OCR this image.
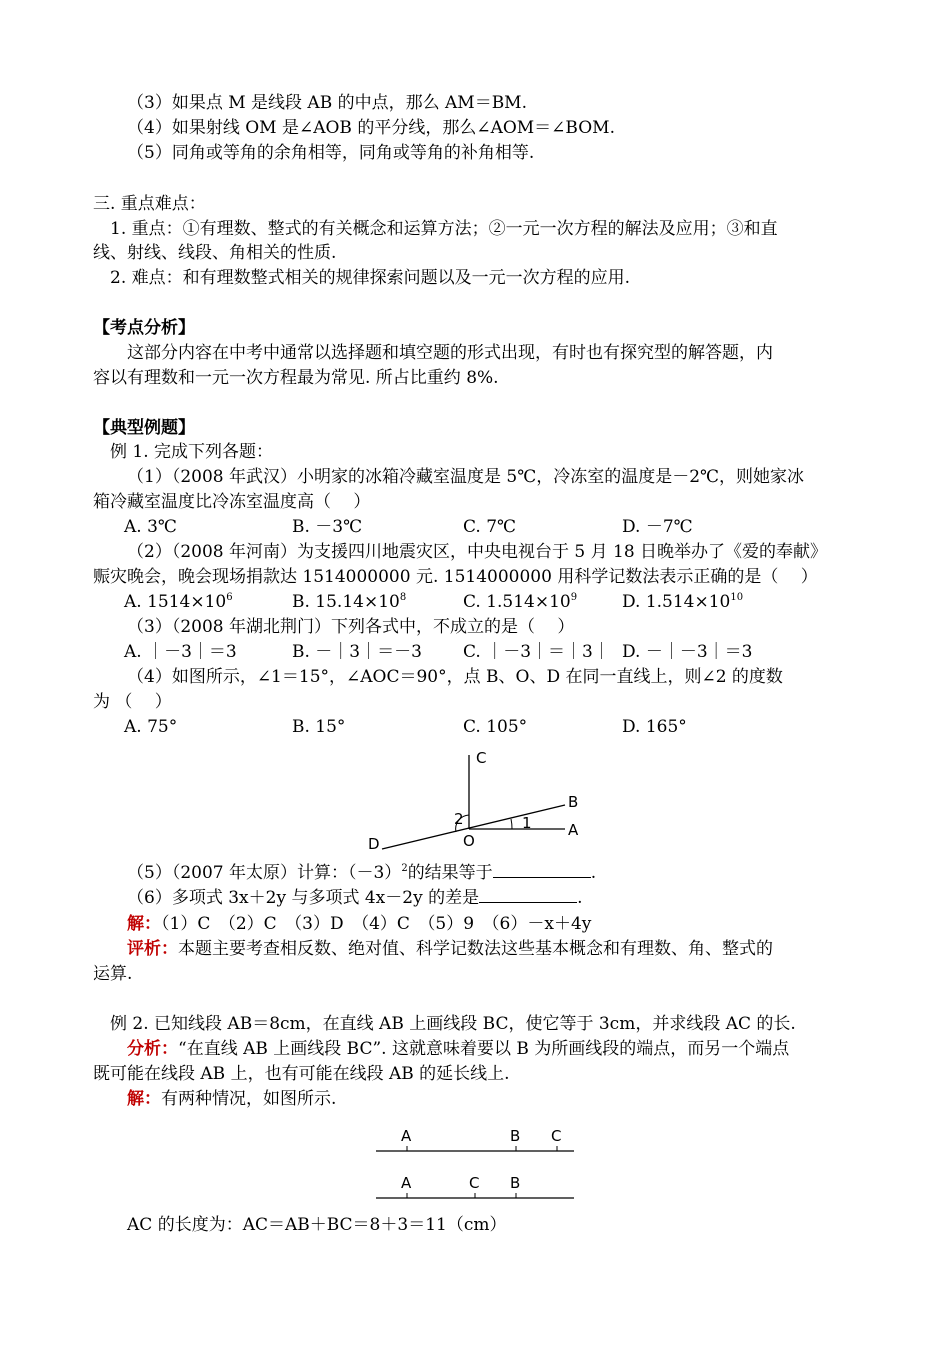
（3）如果点 M 是线段 AB 的中点，那么 AM＝BM.
（4）如果射线 OM 是∠AOB 的平分线，那么∠AOM＝∠BOM.
（5）同角或等角的余角相等，同角或等角的补角相等.
三. 重点难点：
1. 重点：①有理数、整式的有关概念和运算方法；②一元一次方程的解法及应用；③和直
线、射线、线段、角相关的性质.
2. 难点：和有理数整式相关的规律探索问题以及一元一次方程的应用.
【考点分析】
这部分内容在中考中通常以选择题和填空题的形式出现，有时也有探究型的解答题，内
容以有理数和一元一次方程最为常见. 所占比重约 8%.
【典型例题】
例 1. 完成下列各题：
（1）（2008 年武汉）小明家的冰箱冷藏室温度是 5℃，冷冻室的温度是－2℃，则她家冰
箱冷藏室温度比冷冻室温度高（　 ）
A. 3℃	B. －3℃	C. 7℃	D. －7℃
（2）（2008 年河南）为支援四川地震灾区，中央电视台于 5 月 18 日晚举办了《爱的奉献》
赈灾晚会，晚会现场捐款达 1514000000 元. 1514000000 用科学记数法表示正确的是（　 ）
A. $1514\times 10^6$	B. $15.14\times 10^8$	C. $1.514\times 10^9$	D. $1.514\times 10^{10}$
（3）（2008 年湖北荆门）下列各式中，不成立的是（　 ）
A. ｜－3｜＝3	B. －｜3｜＝－3 C. ｜－3｜＝｜3｜ D. －｜－3｜＝3
（4）如图所示，∠1＝15°，∠AOC＝90°，点 B、O、D 在同一直线上，则∠2 的度数
为 （　 ）
A. 75°	B. 15°	C. 105°	D. 165°
C
B
A
O
D
1
2
（5）（2007 年太原）计算：$(-3)^2$的结果等于	.
（6）多项式 3x＋2y 与多项式 4x－2y 的差是	.
解：（1）C　（2）C　（3）D　（4）C　（5）9　（6）－x＋4y
评析：本题主要考查相反数、绝对值、科学记数法这些基本概念和有理数、角、整式的
运算.
例 2. 已知线段 AB＝8cm，在直线 AB 上画线段 BC，使它等于 3cm，并求线段 AC 的长.
分析：“在直线 AB 上画线段 BC”. 这就意味着要以 B 为所画线段的端点，而另一个端点
既可能在线段 AB 上，也有可能在线段 AB 的延长线上.
解：有两种情况，如图所示.
A	B C
A	C B
AC 的长度为：AC＝AB＋BC＝8＋3＝11（cm）
